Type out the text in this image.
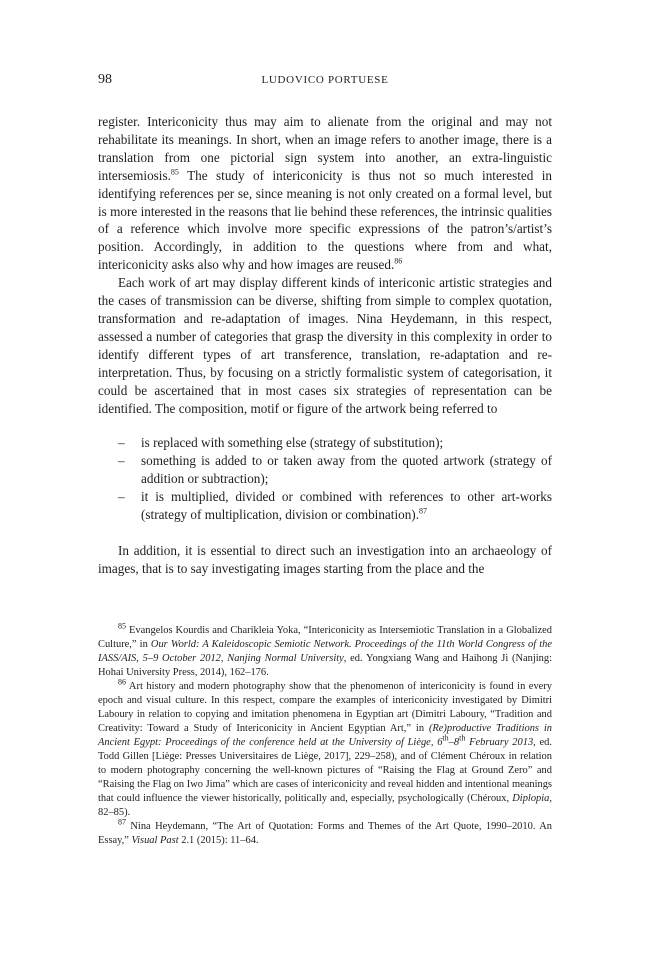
98	LUDOVICO PORTUESE

register. Intericonicity thus may aim to alienate from the original and may not rehabilitate its meanings. In short, when an image refers to another image, there is a translation from one pictorial sign system into another, an extra-linguistic intersemiosis.$^{85}$ The study of intericonicity is thus not so much interested in identifying references per se, since meaning is not only created on a formal level, but is more interested in the reasons that lie behind these references, the intrinsic qualities of a reference which involve more specific expressions of the patron’s/artist’s position. Accordingly, in addition to the questions where from and what, intericonicity asks also why and how images are reused.$^{86}$

Each work of art may display different kinds of intericonic artistic strategies and the cases of transmission can be diverse, shifting from simple to complex quotation, transformation and re-adaptation of images. Nina Heydemann, in this respect, assessed a number of categories that grasp the diversity in this complexity in order to identify different types of art transference, translation, re-adaptation and re-interpretation. Thus, by focusing on a strictly formalistic system of categorisation, it could be ascertained that in most cases six strategies of representation can be identified. The composition, motif or figure of the artwork being referred to

– is replaced with something else (strategy of substitution);
– something is added to or taken away from the quoted artwork (strategy of addition or subtraction);
– it is multiplied, divided or combined with references to other art-works (strategy of multiplication, division or combination).$^{87}$

In addition, it is essential to direct such an investigation into an archaeology of images, that is to say investigating images starting from the place and the

$^{85}$ Evangelos Kourdis and Charikleia Yoka, “Intericonicity as Intersemiotic Translation in a Globalized Culture,” in Our World: A Kaleidoscopic Semiotic Network. Proceedings of the 11th World Congress of the IASS/AIS, 5–9 October 2012, Nanjing Normal University, ed. Yongxiang Wang and Haihong Ji (Nanjing: Hohai University Press, 2014), 162–176.

$^{86}$ Art history and modern photography show that the phenomenon of intericonicity is found in every epoch and visual culture. In this respect, compare the examples of intericonicity investigated by Dimitri Laboury in relation to copying and imitation phenomena in Egyptian art (Dimitri Laboury, “Tradition and Creativity: Toward a Study of Intericonicity in Ancient Egyptian Art,” in (Re)productive Traditions in Ancient Egypt: Proceedings of the conference held at the University of Liège, 6th–8th February 2013, ed. Todd Gillen [Liège: Presses Universitaires de Liège, 2017], 229–258), and of Clément Chéroux in relation to modern photography concerning the well-known pictures of “Raising the Flag at Ground Zero” and “Raising the Flag on Iwo Jima” which are cases of intericonicity and reveal hidden and intentional meanings that could influence the viewer historically, politically and, especially, psychologically (Chéroux, Diplopia, 82–85).

$^{87}$ Nina Heydemann, “The Art of Quotation: Forms and Themes of the Art Quote, 1990–2010. An Essay,” Visual Past 2.1 (2015): 11–64.
